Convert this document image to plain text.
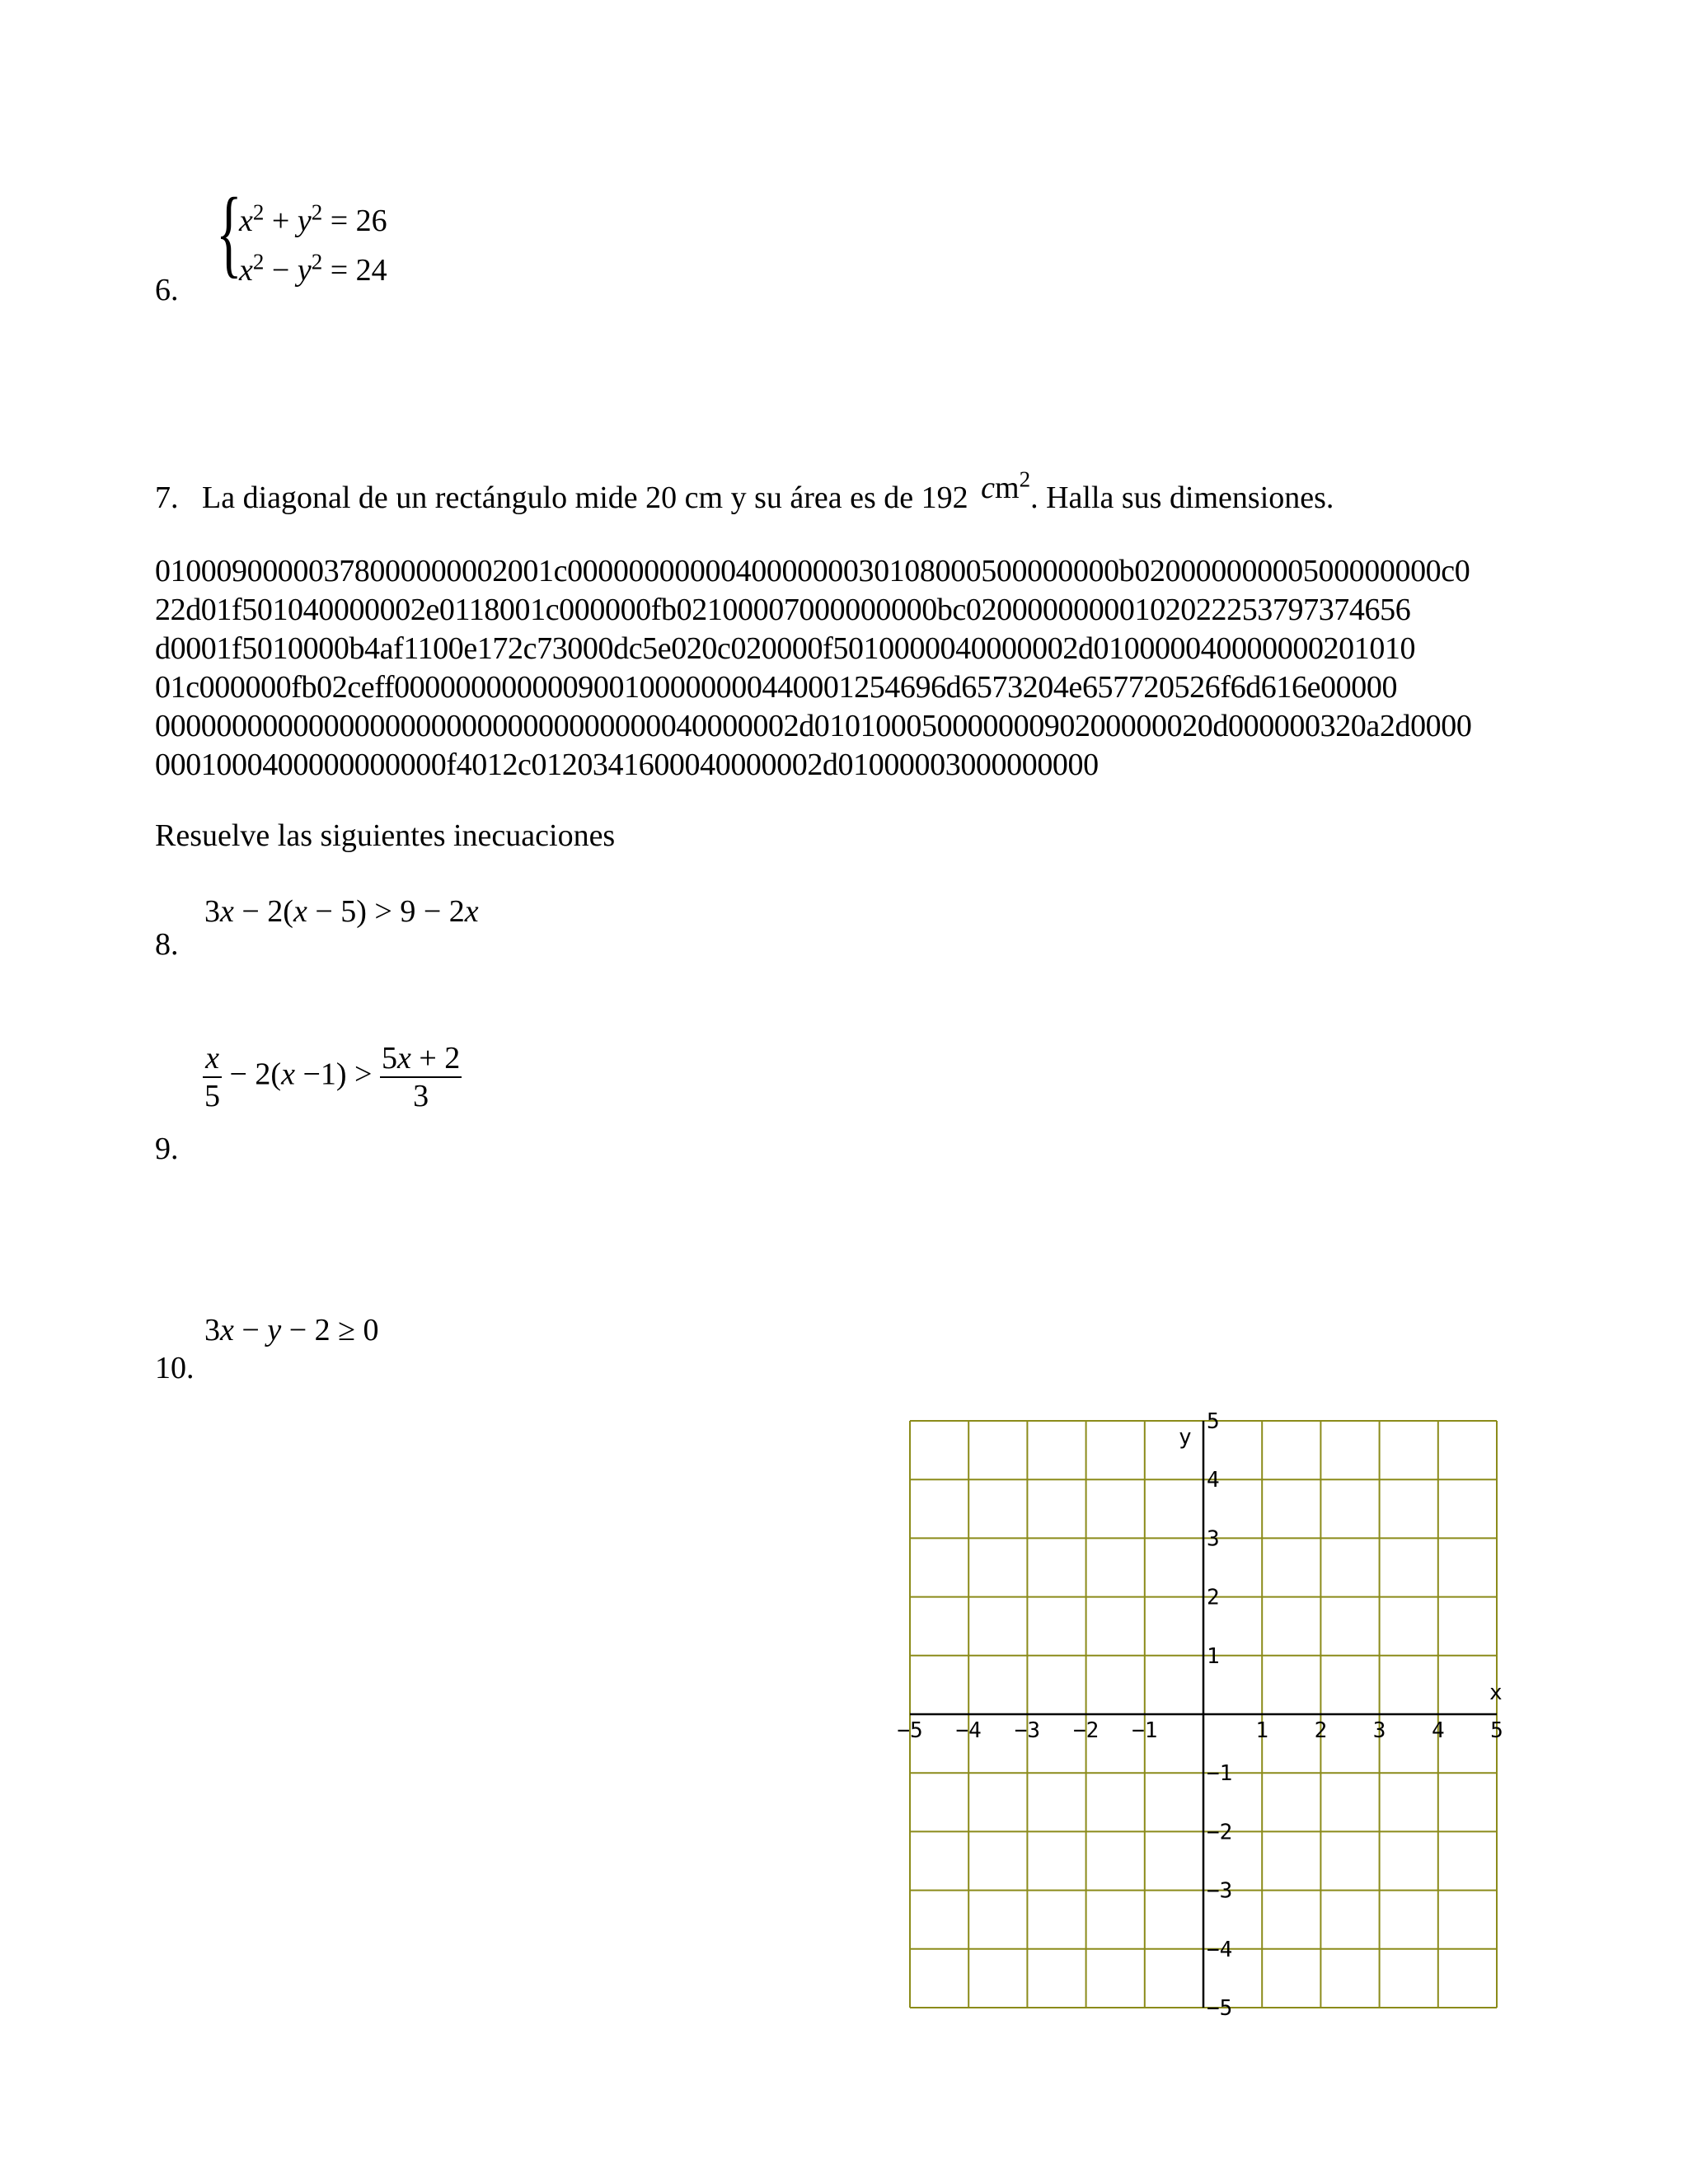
6.
{
$x^2 + y^2 = 26$
$x^2 - y^2 = 24$
7. La diagonal de un rectángulo mide 20 cm y su área es de 192 $cm^2$. Halla sus dimensiones.
01000900000378000000002001c000000000004000000030108000500000000b02000000000500000000c0
22d01f501040000002e0118001c000000fb02100007000000000bc02000000000102022253797374656
d0001f5010000b4af1100e172c73000dc5e020c020000f5010000040000002d010000040000000201010
01c000000fb02ceff000000000000900100000000440001254696d6573204e657720526f6d616e00000
000000000000000000000000000000000040000002d01010005000000090200000020d000000320a2d0000
0001000400000000000f4012c0120341600040000002d01000003000000000
Resuelve las siguientes inecuaciones
3x − 2(x − 5) > 9 − 2x
8.
$\frac{x}{5} - 2(x -1) > \frac{5x + 2}{3}$
9.
3x − y − 2 ≥ 0
10.
−5 −4 −3 −2 −1	1 2 3 4 5
5
4
3
2
1
−1
−2
−3
−4
−5
x
y
